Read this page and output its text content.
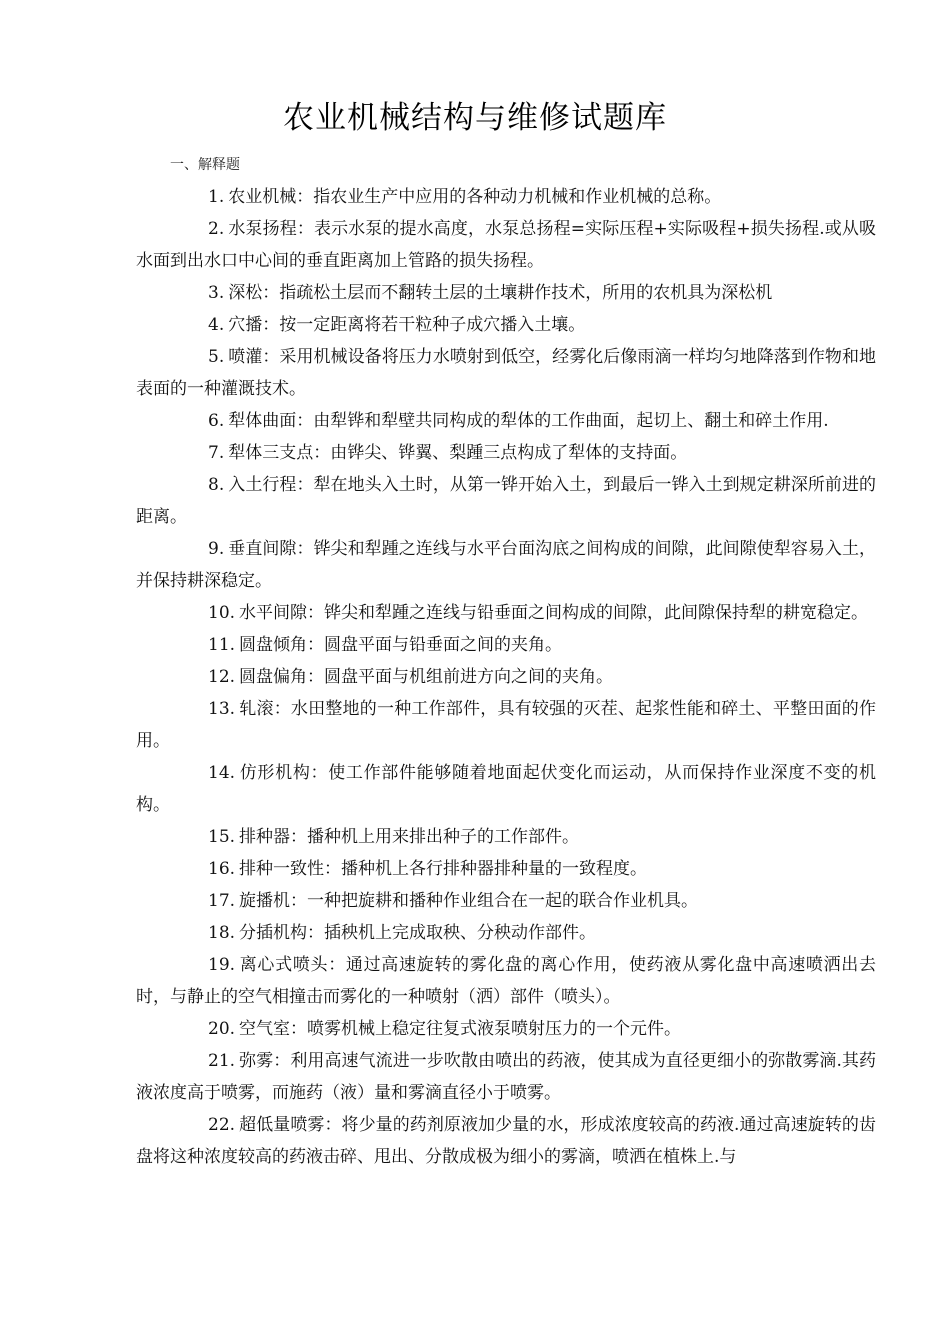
农业机械结构与维修试题库
一、解释题

1. 农业机械：指农业生产中应用的各种动力机械和作业机械的总称。

2. 水泵扬程：表示水泵的提水高度，水泵总扬程=实际压程+实际吸程+损失扬程.或从吸水面到出水口中心间的垂直距离加上管路的损失扬程。

3. 深松：指疏松土层而不翻转土层的土壤耕作技术，所用的农机具为深松机

4. 穴播：按一定距离将若干粒种子成穴播入土壤。

5. 喷灌：采用机械设备将压力水喷射到低空，经雾化后像雨滴一样均匀地降落到作物和地表面的一种灌溉技术。

6. 犁体曲面：由犁铧和犁壁共同构成的犁体的工作曲面，起切上、翻土和碎土作用.

7. 犁体三支点：由铧尖、铧翼、梨踵三点构成了犁体的支持面。

8. 入土行程：犁在地头入土时，从第一铧开始入土，到最后一铧入土到规定耕深所前进的距离。

9. 垂直间隙：铧尖和犁踵之连线与水平台面沟底之间构成的间隙，此间隙使犁容易入土，并保持耕深稳定。

10. 水平间隙：铧尖和犁踵之连线与铅垂面之间构成的间隙，此间隙保持犁的耕宽稳定。

11. 圆盘倾角：圆盘平面与铅垂面之间的夹角。

12. 圆盘偏角：圆盘平面与机组前进方向之间的夹角。

13. 轧滚：水田整地的一种工作部件，具有较强的灭茬、起浆性能和碎土、平整田面的作用。

14. 仿形机构：使工作部件能够随着地面起伏变化而运动，从而保持作业深度不变的机构。

15. 排种器：播种机上用来排出种子的工作部件。

16. 排种一致性：播种机上各行排种器排种量的一致程度。

17. 旋播机：一种把旋耕和播种作业组合在一起的联合作业机具。

18. 分插机构：插秧机上完成取秧、分秧动作部件。

19. 离心式喷头：通过高速旋转的雾化盘的离心作用，使药液从雾化盘中高速喷洒出去时，与静止的空气相撞击而雾化的一种喷射（洒）部件（喷头）。

20. 空气室：喷雾机械上稳定往复式液泵喷射压力的一个元件。

21. 弥雾：利用高速气流进一步吹散由喷出的药液，使其成为直径更细小的弥散雾滴.其药液浓度高于喷雾，而施药（液）量和雾滴直径小于喷雾。

22. 超低量喷雾：将少量的药剂原液加少量的水，形成浓度较高的药液.通过高速旋转的齿盘将这种浓度较高的药液击碎、甩出、分散成极为细小的雾滴，喷洒在植株上.与
